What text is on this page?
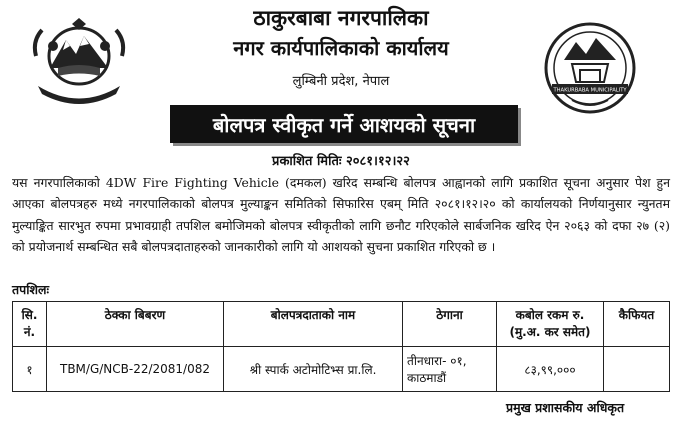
ठाकुरबाबा नगरपालिका
नगर कार्यपालिकाको कार्यालय
लुम्बिनी प्रदेश, नेपाल
THAKURBABA MUNICIPALITY
बोलपत्र स्वीकृत गर्ने आशयको सूचना
प्रकाशित मितिः २०८१।१२।२२

यस नगरपालिकाको 4DW Fire Fighting Vehicle (दमकल) खरिद सम्बन्धि बोलपत्र आह्वानको लागि प्रकाशित सूचना अनुसार पेश हुन आएका बोलपत्रहरु मध्ये नगरपालिकाको बोलपत्र मुल्याङ्कन समितिको सिफारिस एबम् मिति २०८१।१२।२० को कार्यालयको निर्णयानुसार न्युनतम मुल्याङ्कित सारभुत रुपमा प्रभावग्राही तपशिल बमोजिमको बोलपत्र स्वीकृतीको लागि छनौट गरिएकोले सार्बजनिक खरिद ऐन २०६३ को दफा २७ (२) को प्रयोजनार्थ सम्बन्धित सबै बोलपत्रदाताहरुको जानकारीको लागि यो आशयको सुचना प्रकाशित गरिएको छ ।

तपशिलः
सि. नं.	ठेक्का बिबरण	बोलपत्रदाताको नाम	ठेगाना	कबोल रकम रु. (मु.अ. कर समेत)	कैफियत
१	TBM/G/NCB-22/2081/082	श्री स्पार्क अटोमोटिभ्स प्रा.लि.	तीनधारा- ०१, काठमाडौं	८३,९९,०००	
प्रमुख प्रशासकीय अधिकृत
